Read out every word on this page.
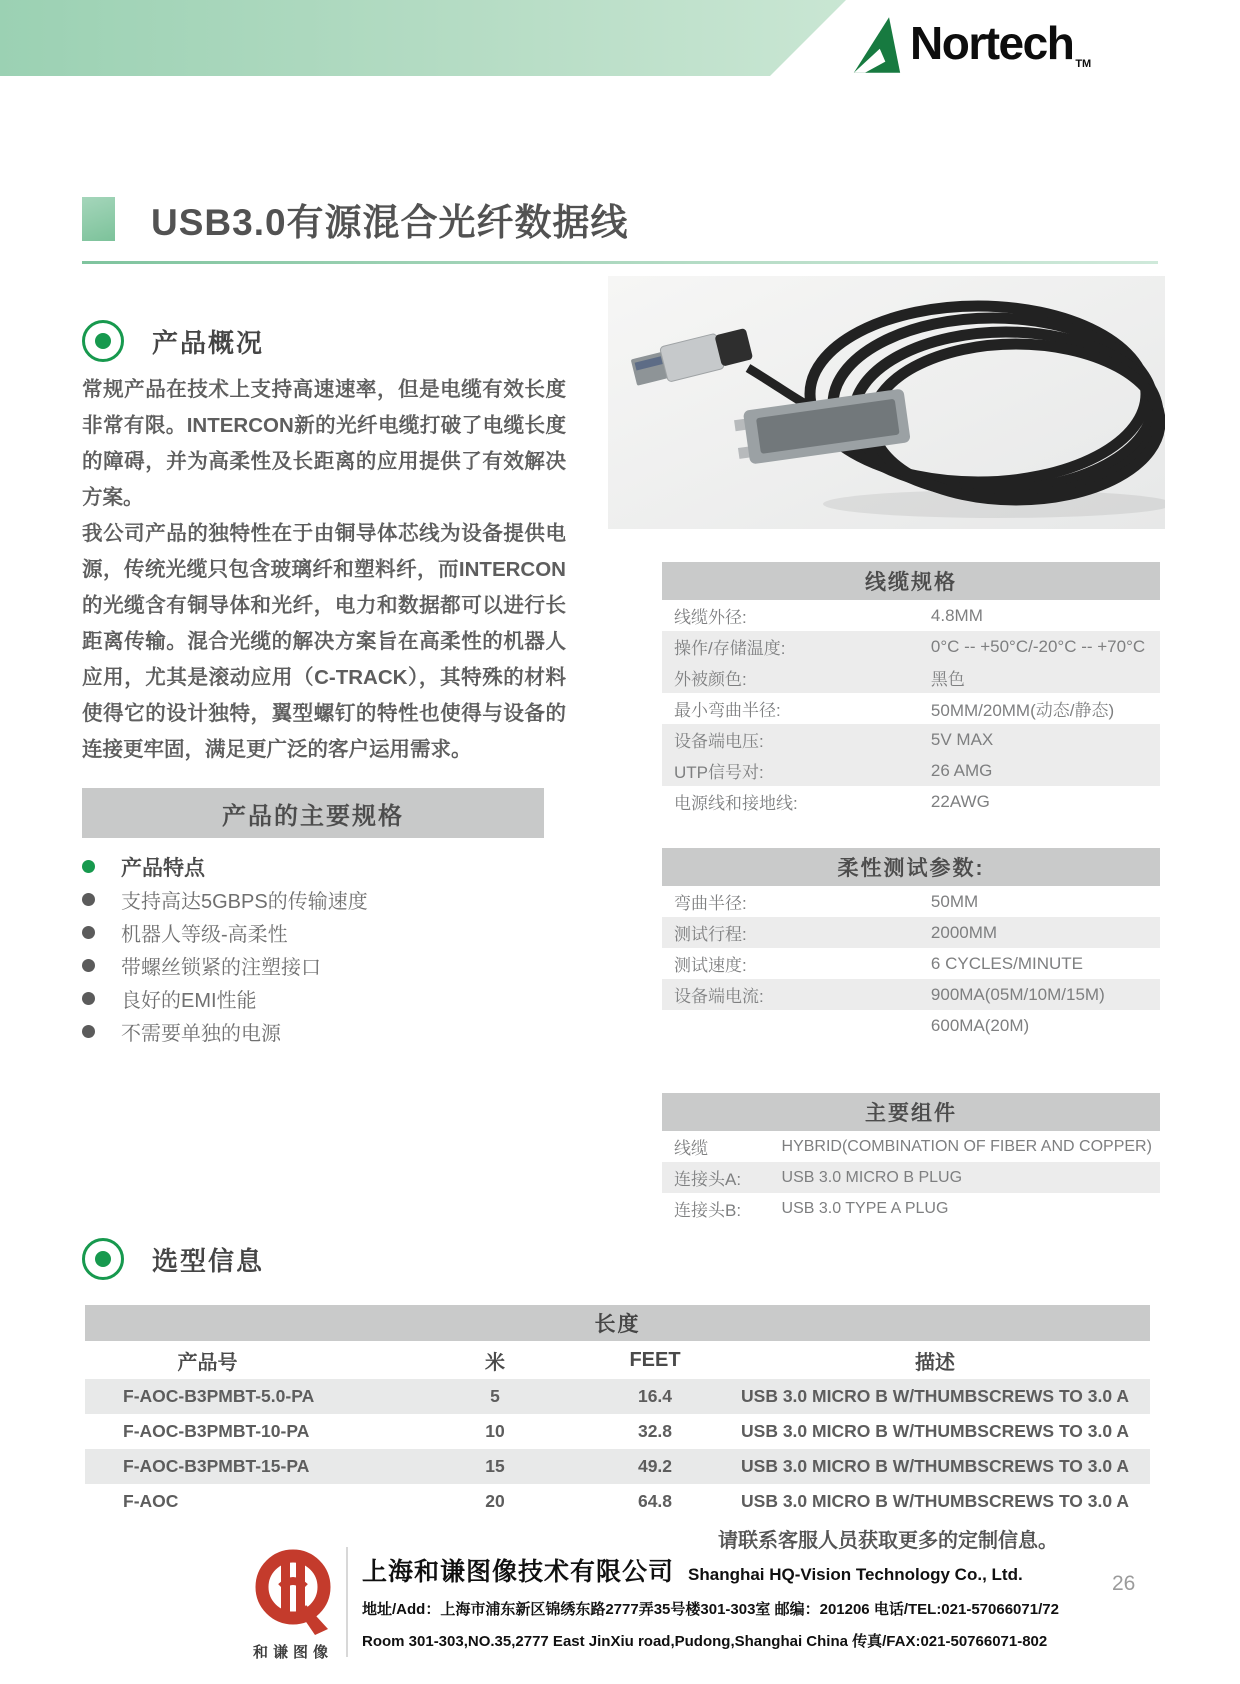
Nortech TM
USB3.0有源混合光纤数据线
产品概况

常规产品在技术上支持高速速率，但是电缆有效长度非常有限。INTERCON新的光纤电缆打破了电缆长度的障碍，并为高柔性及长距离的应用提供了有效解决方案。

我公司产品的独特性在于由铜导体芯线为设备提供电源，传统光缆只包含玻璃纤和塑料纤，而INTERCON的光缆含有铜导体和光纤，电力和数据都可以进行长距离传输。混合光缆的解决方案旨在高柔性的机器人应用，尤其是滚动应用（C-TRACK），其特殊的材料使得它的设计独特，翼型螺钉的特性也使得与设备的连接更牢固，满足更广泛的客户运用需求。

线缆规格
线缆外径:	4.8MM
操作/存储温度:	0°C -- +50°C/-20°C -- +70°C
外被颜色:	黑色
最小弯曲半径:	50MM/20MM(动态/静态)
设备端电压:	5V MAX
UTP信号对:	26 AMG
电源线和接地线:	22AWG
产品的主要规格
产品特点
支持高达5GBPS的传输速度
机器人等级-高柔性
带螺丝锁紧的注塑接口
良好的EMI性能
不需要单独的电源
柔性测试参数:
弯曲半径:	50MM
测试行程:	2000MM
测试速度:	6 CYCLES/MINUTE
设备端电流:	900MA(05M/10M/15M)
600MA(20M)
主要组件
线缆	HYBRID(COMBINATION OF FIBER AND COPPER)
连接头A:	USB 3.0 MICRO B PLUG
连接头B:	USB 3.0 TYPE A PLUG
选型信息
长度
产品号	米	FEET	描述
F-AOC-B3PMBT-5.0-PA	5	16.4	USB 3.0 MICRO B W/THUMBSCREWS TO 3.0 A
F-AOC-B3PMBT-10-PA	10	32.8	USB 3.0 MICRO B W/THUMBSCREWS TO 3.0 A
F-AOC-B3PMBT-15-PA	15	49.2	USB 3.0 MICRO B W/THUMBSCREWS TO 3.0 A
F-AOC	20	64.8	USB 3.0 MICRO B W/THUMBSCREWS TO 3.0 A
请联系客服人员获取更多的定制信息。
和谦图像
上海和谦图像技术有限公司 Shanghai HQ-Vision Technology Co., Ltd.
地址/Add：上海市浦东新区锦绣东路2777弄35号楼301-303室 邮编：201206 电话/TEL:021-57066071/72
Room 301-303,NO.35,2777 East JinXiu road,Pudong,Shanghai China 传真/FAX:021-50766071-802
26
